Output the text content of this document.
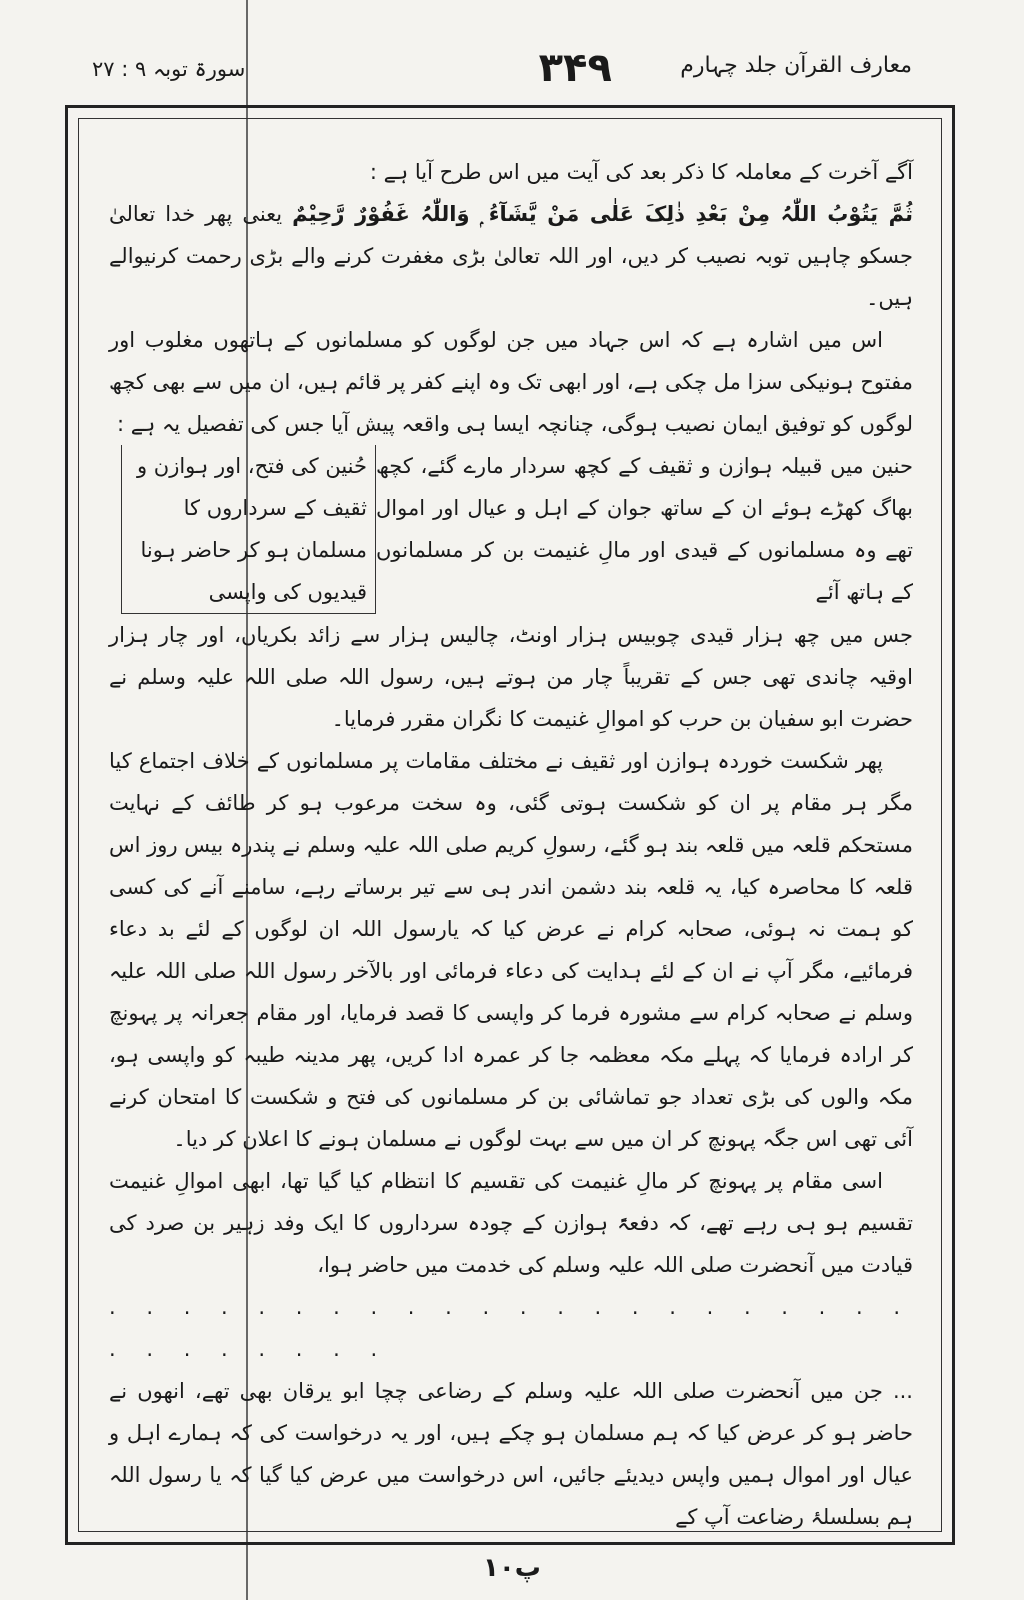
معارف القرآن جلد چہارم
۳۴۹
سورۃ توبہ ۹ : ۲۷

آگے آخرت کے معاملہ کا ذکر بعد کی آیت میں اس طرح آیا ہے :

ثُمَّ یَتُوْبُ اللّٰہُ مِنْ بَعْدِ ذٰلِکَ عَلٰی مَنْ یَّشَآءُ ۭ وَاللّٰہُ غَفُوْرٌ رَّحِیْمٌ یعنی پھر خدا تعالیٰ جسکو چاہیں توبہ نصیب کر دیں، اور اللہ تعالیٰ بڑی مغفرت کرنے والے بڑی رحمت کرنیوالے ہیں۔

اس میں اشارہ ہے کہ اس جہاد میں جن لوگوں کو مسلمانوں کے ہاتھوں مغلوب اور مفتوح ہونیکی سزا مل چکی ہے، اور ابھی تک وہ اپنے کفر پر قائم ہیں، ان میں سے بھی کچھ لوگوں کو توفیق ایمان نصیب ہوگی، چنانچہ ایسا ہی واقعہ پیش آیا جس کی تفصیل یہ ہے :

حنین میں قبیلہ ہوازن و ثقیف کے کچھ سردار مارے گئے، کچھ بھاگ کھڑے ہوئے ان کے ساتھ جوان کے اہل و عیال اور اموال تھے وہ مسلمانوں کے قیدی اور مالِ غنیمت بن کر مسلمانوں کے ہاتھ آئے
حُنین کی فتح، اور ہوازن و ثقیف کے سرداروں کا مسلمان ہو کر حاضر ہونا قیدیوں کی واپسی

جس میں چھ ہزار قیدی چوبیس ہزار اونٹ، چالیس ہزار سے زائد بکریاں، اور چار ہزار اوقیہ چاندی تھی جس کے تقریباً چار من ہوتے ہیں، رسول اللہ صلی اللہ علیہ وسلم نے حضرت ابو سفیان بن حرب کو اموالِ غنیمت کا نگران مقرر فرمایا۔

پھر شکست خوردہ ہوازن اور ثقیف نے مختلف مقامات پر مسلمانوں کے خلاف اجتماع کیا مگر ہر مقام پر ان کو شکست ہوتی گئی، وہ سخت مرعوب ہو کر طائف کے نہایت مستحکم قلعہ میں قلعہ بند ہو گئے، رسولِ کریم صلی اللہ علیہ وسلم نے پندرہ بیس روز اس قلعہ کا محاصرہ کیا، یہ قلعہ بند دشمن اندر ہی سے تیر برساتے رہے، سامنے آنے کی کسی کو ہمت نہ ہوئی، صحابہ کرام نے عرض کیا کہ یارسول اللہ ان لوگوں کے لئے بد دعاء فرمائیے، مگر آپ نے ان کے لئے ہدایت کی دعاء فرمائی اور بالآخر رسول اللہ صلی اللہ علیہ وسلم نے صحابہ کرام سے مشورہ فرما کر واپسی کا قصد فرمایا، اور مقام جعرانہ پر پہونچ کر ارادہ فرمایا کہ پہلے مکہ معظمہ جا کر عمرہ ادا کریں، پھر مدینہ طیبہ کو واپسی ہو، مکہ والوں کی بڑی تعداد جو تماشائی بن کر مسلمانوں کی فتح و شکست کا امتحان کرنے آئی تھی اس جگہ پہونچ کر ان میں سے بہت لوگوں نے مسلمان ہونے کا اعلان کر دیا۔

اسی مقام پر پہونچ کر مالِ غنیمت کی تقسیم کا انتظام کیا گیا تھا، ابھی اموالِ غنیمت تقسیم ہو ہی رہے تھے، کہ دفعۃً ہوازن کے چودہ سرداروں کا ایک وفد زہیر بن صرد کی قیادت میں آنحضرت صلی اللہ علیہ وسلم کی خدمت میں حاضر ہوا،

. . . . . . . . . . . . . . . . . . . . . . . . . . . . . .

... جن میں آنحضرت صلی اللہ علیہ وسلم کے رضاعی چچا ابو یرقان بھی تھے، انھوں نے حاضر ہو کر عرض کیا کہ ہم مسلمان ہو چکے ہیں، اور یہ درخواست کی کہ ہمارے اہل و عیال اور اموال ہمیں واپس دیدیئے جائیں، اس درخواست میں عرض کیا گیا کہ یا رسول اللہ ہم بسلسلۂ رضاعت آپ کے

پ۱۰
